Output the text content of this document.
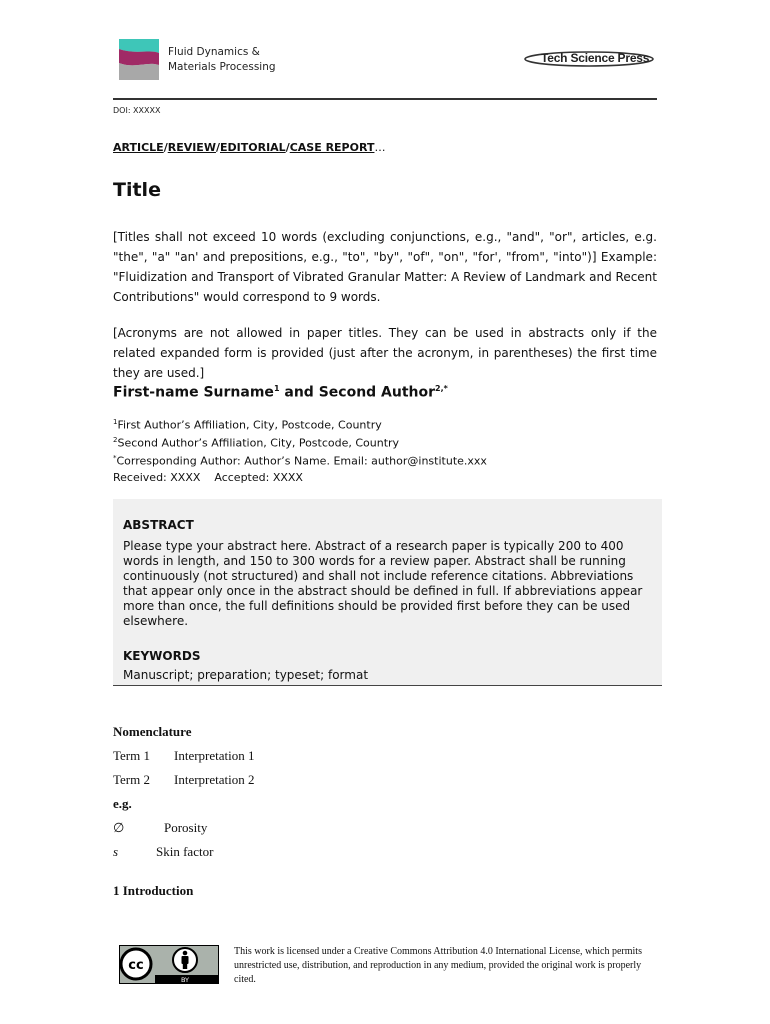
Fluid Dynamics &
Materials Processing
Tech Science Press
DOI: XXXXX
ARTICLE/REVIEW/EDITORIAL/CASE REPORT…
Title
[Titles shall not exceed 10 words (excluding conjunctions, e.g., "and", "or", articles, e.g. "the", "a" "an' and prepositions, e.g., "to", "by", "of", "on", "for', "from", "into")] Example: "Fluidization and Transport of Vibrated Granular Matter: A Review of Landmark and Recent Contributions" would correspond to 9 words.
[Acronyms are not allowed in paper titles. They can be used in abstracts only if the related expanded form is provided (just after the acronym, in parentheses) the first time they are used.]
First-name Surname$^1$ and Second Author$^{2,*}$
$^1$First Author’s Affiliation, City, Postcode, Country
$^2$Second Author’s Affiliation, City, Postcode, Country
*Corresponding Author: Author’s Name. Email: author@institute.xxx
Received: XXXX    Accepted: XXXX
ABSTRACT
Please type your abstract here. Abstract of a research paper is typically 200 to 400 words in length, and 150 to 300 words for a review paper. Abstract shall be running continuously (not structured) and shall not include reference citations. Abbreviations that appear only once in the abstract should be defined in full. If abbreviations appear more than once, the full definitions should be provided first before they can be used elsewhere.
KEYWORDS
Manuscript; preparation; typeset; format
Nomenclature
Term 1 Interpretation 1
Term 2 Interpretation 2
e.g.
∅	Porosity
s	Skin factor
1 Introduction
cc
BY
This work is licensed under a Creative Commons Attribution 4.0 International License, which permits unrestricted use, distribution, and reproduction in any medium, provided the original work is properly cited.
